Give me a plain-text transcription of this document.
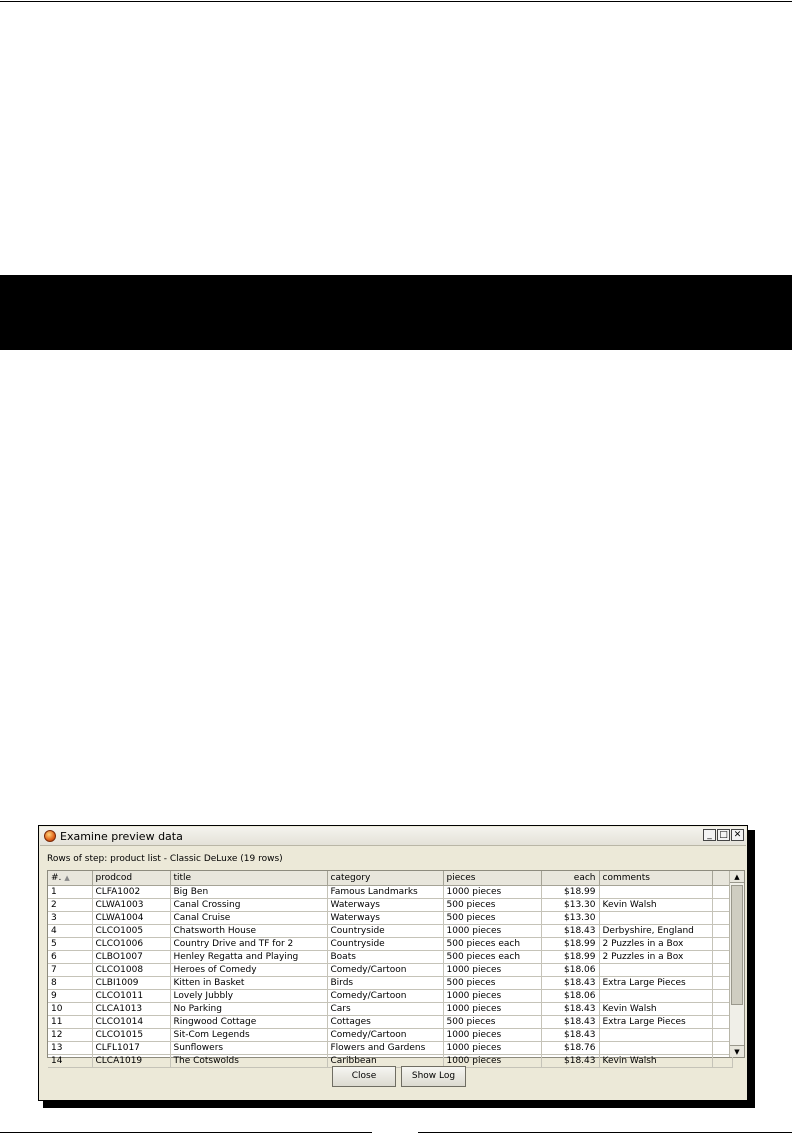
Examine preview data	_ □ ✕
Rows of step: product list - Classic DeLuxe (19 rows)
#. ▲	prodcod	title	category	pieces	each	comments	
1	CLFA1002	Big Ben	Famous Landmarks	1000 pieces	$18.99		
2	CLWA1003	Canal Crossing	Waterways	500 pieces	$13.30	Kevin Walsh	
3	CLWA1004	Canal Cruise	Waterways	500 pieces	$13.30		
4	CLCO1005	Chatsworth House	Countryside	1000 pieces	$18.43	Derbyshire, England	
5	CLCO1006	Country Drive and TF for 2	Countryside	500 pieces each	$18.99	2 Puzzles in a Box	
6	CLBO1007	Henley Regatta and Playing	Boats	500 pieces each	$18.99	2 Puzzles in a Box	
7	CLCO1008	Heroes of Comedy	Comedy/Cartoon	1000 pieces	$18.06		
8	CLBI1009	Kitten in Basket	Birds	500 pieces	$18.43	Extra Large Pieces	
9	CLCO1011	Lovely Jubbly	Comedy/Cartoon	1000 pieces	$18.06		
10	CLCA1013	No Parking	Cars	1000 pieces	$18.43	Kevin Walsh	
11	CLCO1014	Ringwood Cottage	Cottages	500 pieces	$18.43	Extra Large Pieces	
12	CLCO1015	Sit-Com Legends	Comedy/Cartoon	1000 pieces	$18.43		
13	CLFL1017	Sunflowers	Flowers and Gardens	1000 pieces	$18.76		
14	CLCA1019	The Cotswolds	Caribbean	1000 pieces	$18.43	Kevin Walsh	
▲
▼
Close	Show Log
